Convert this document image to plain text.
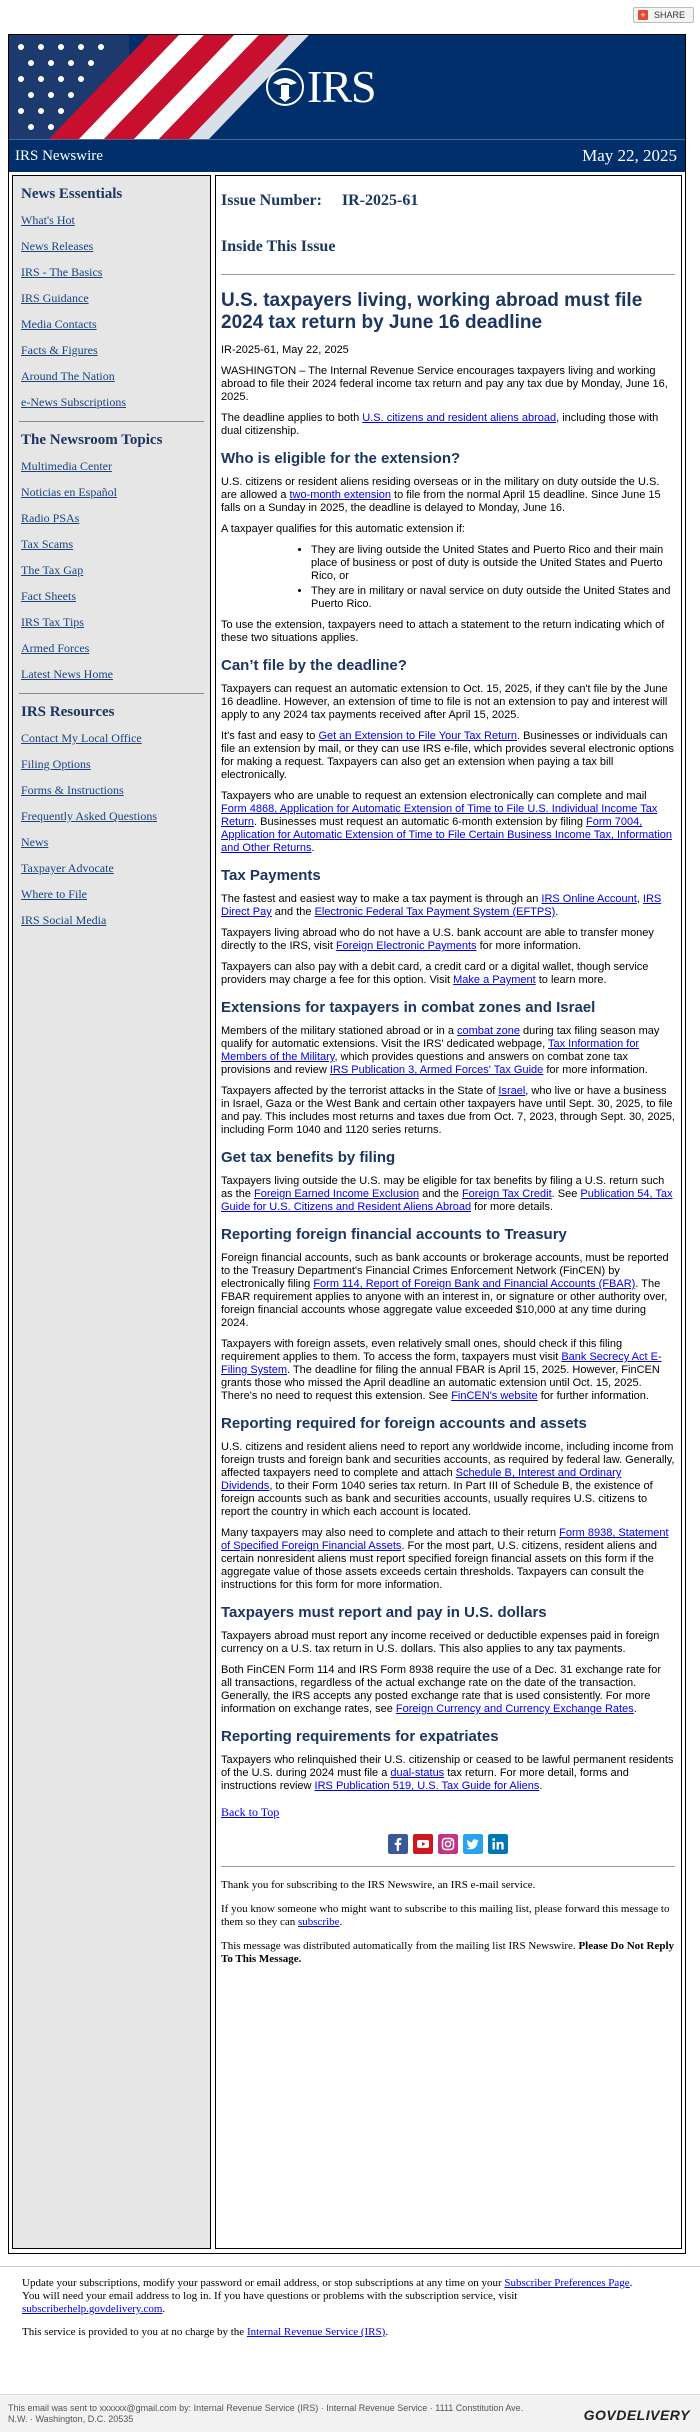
+ SHARE
IRS
IRS Newswire	May 22, 2025
News Essentials
What's Hot
News Releases
IRS - The Basics
IRS Guidance
Media Contacts
Facts & Figures
Around The Nation
e-News Subscriptions
The Newsroom Topics
Multimedia Center
Noticias en Español
Radio PSAs
Tax Scams
The Tax Gap
Fact Sheets
IRS Tax Tips
Armed Forces
Latest News Home
IRS Resources
Contact My Local Office
Filing Options
Forms & Instructions
Frequently Asked Questions
News
Taxpayer Advocate
Where to File
IRS Social Media
Issue Number: IR-2025-61
Inside This Issue
U.S. taxpayers living, working abroad must file 2024 tax return by June 16 deadline

IR-2025-61, May 22, 2025

WASHINGTON – The Internal Revenue Service encourages taxpayers living and working abroad to file their 2024 federal income tax return and pay any tax due by Monday, June 16, 2025.

The deadline applies to both U.S. citizens and resident aliens abroad, including those with dual citizenship.

Who is eligible for the extension?

U.S. citizens or resident aliens residing overseas or in the military on duty outside the U.S. are allowed a two-month extension to file from the normal April 15 deadline. Since June 15 falls on a Sunday in 2025, the deadline is delayed to Monday, June 16.

A taxpayer qualifies for this automatic extension if:

• They are living outside the United States and Puerto Rico and their main place of business or post of duty is outside the United States and Puerto Rico, or
• They are in military or naval service on duty outside the United States and Puerto Rico.

To use the extension, taxpayers need to attach a statement to the return indicating which of these two situations applies.

Can’t file by the deadline?

Taxpayers can request an automatic extension to Oct. 15, 2025, if they can't file by the June 16 deadline. However, an extension of time to file is not an extension to pay and interest will apply to any 2024 tax payments received after April 15, 2025.

It's fast and easy to Get an Extension to File Your Tax Return. Businesses or individuals can file an extension by mail, or they can use IRS e-file, which provides several electronic options for making a request. Taxpayers can also get an extension when paying a tax bill electronically.

Taxpayers who are unable to request an extension electronically can complete and mail Form 4868, Application for Automatic Extension of Time to File U.S. Individual Income Tax Return. Businesses must request an automatic 6-month extension by filing Form 7004, Application for Automatic Extension of Time to File Certain Business Income Tax, Information and Other Returns.

Tax Payments

The fastest and easiest way to make a tax payment is through an IRS Online Account, IRS Direct Pay and the Electronic Federal Tax Payment System (EFTPS).

Taxpayers living abroad who do not have a U.S. bank account are able to transfer money directly to the IRS, visit Foreign Electronic Payments for more information.

Taxpayers can also pay with a debit card, a credit card or a digital wallet, though service providers may charge a fee for this option. Visit Make a Payment to learn more.

Extensions for taxpayers in combat zones and Israel

Members of the military stationed abroad or in a combat zone during tax filing season may qualify for automatic extensions. Visit the IRS' dedicated webpage, Tax Information for Members of the Military, which provides questions and answers on combat zone tax provisions and review IRS Publication 3, Armed Forces' Tax Guide for more information.

Taxpayers affected by the terrorist attacks in the State of Israel, who live or have a business in Israel, Gaza or the West Bank and certain other taxpayers have until Sept. 30, 2025, to file and pay. This includes most returns and taxes due from Oct. 7, 2023, through Sept. 30, 2025, including Form 1040 and 1120 series returns.

Get tax benefits by filing

Taxpayers living outside the U.S. may be eligible for tax benefits by filing a U.S. return such as the Foreign Earned Income Exclusion and the Foreign Tax Credit. See Publication 54, Tax Guide for U.S. Citizens and Resident Aliens Abroad for more details.

Reporting foreign financial accounts to Treasury

Foreign financial accounts, such as bank accounts or brokerage accounts, must be reported to the Treasury Department's Financial Crimes Enforcement Network (FinCEN) by electronically filing Form 114, Report of Foreign Bank and Financial Accounts (FBAR). The FBAR requirement applies to anyone with an interest in, or signature or other authority over, foreign financial accounts whose aggregate value exceeded $10,000 at any time during 2024.

Taxpayers with foreign assets, even relatively small ones, should check if this filing requirement applies to them. To access the form, taxpayers must visit Bank Secrecy Act E-Filing System. The deadline for filing the annual FBAR is April 15, 2025. However, FinCEN grants those who missed the April deadline an automatic extension until Oct. 15, 2025. There's no need to request this extension. See FinCEN's website for further information.

Reporting required for foreign accounts and assets

U.S. citizens and resident aliens need to report any worldwide income, including income from foreign trusts and foreign bank and securities accounts, as required by federal law. Generally, affected taxpayers need to complete and attach Schedule B, Interest and Ordinary Dividends, to their Form 1040 series tax return. In Part III of Schedule B, the existence of foreign accounts such as bank and securities accounts, usually requires U.S. citizens to report the country in which each account is located.

Many taxpayers may also need to complete and attach to their return Form 8938, Statement of Specified Foreign Financial Assets. For the most part, U.S. citizens, resident aliens and certain nonresident aliens must report specified foreign financial assets on this form if the aggregate value of those assets exceeds certain thresholds. Taxpayers can consult the instructions for this form for more information.

Taxpayers must report and pay in U.S. dollars

Taxpayers abroad must report any income received or deductible expenses paid in foreign currency on a U.S. tax return in U.S. dollars. This also applies to any tax payments.

Both FinCEN Form 114 and IRS Form 8938 require the use of a Dec. 31 exchange rate for all transactions, regardless of the actual exchange rate on the date of the transaction. Generally, the IRS accepts any posted exchange rate that is used consistently. For more information on exchange rates, see Foreign Currency and Currency Exchange Rates.

Reporting requirements for expatriates

Taxpayers who relinquished their U.S. citizenship or ceased to be lawful permanent residents of the U.S. during 2024 must file a dual-status tax return. For more detail, forms and instructions review IRS Publication 519, U.S. Tax Guide for Aliens.

Back to Top

Thank you for subscribing to the IRS Newswire, an IRS e-mail service.

If you know someone who might want to subscribe to this mailing list, please forward this message to them so they can subscribe.

This message was distributed automatically from the mailing list IRS Newswire. Please Do Not Reply To This Message.

Update your subscriptions, modify your password or email address, or stop subscriptions at any time on your Subscriber Preferences Page. You will need your email address to log in. If you have questions or problems with the subscription service, visit subscriberhelp.govdelivery.com.

This service is provided to you at no charge by the Internal Revenue Service (IRS).

This email was sent to xxxxxx@gmail.com by: Internal Revenue Service (IRS) · Internal Revenue Service · 1111 Constitution Ave. N.W. · Washington, D.C. 20535	GOVDELIVERY
